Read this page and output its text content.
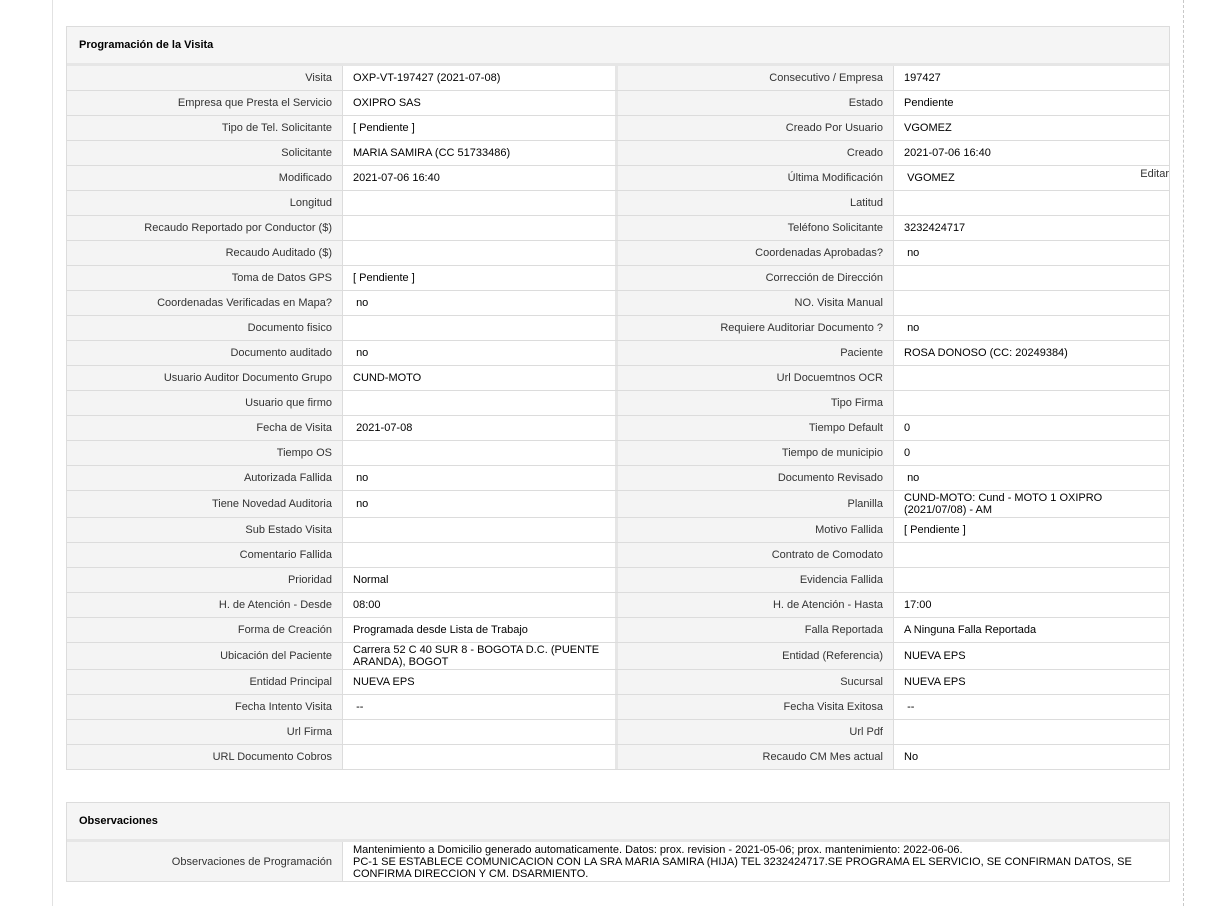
Programación de la Visita
Visita OXP-VT-197427 (2021-07-08)	Consecutivo / Empresa 197427
Empresa que Presta el Servicio OXIPRO SAS	Estado Pendiente
Tipo de Tel. Solicitante [ Pendiente ]	Creado Por Usuario VGOMEZ
Solicitante MARIA SAMIRA (CC 51733486)	Creado 2021-07-06 16:40
Modificado 2021-07-06 16:40	Última Modificación VGOMEZ	Editar
Longitud	Latitud
Recaudo Reportado por Conductor ($)	Teléfono Solicitante 3232424717
Recaudo Auditado ($)	Coordenadas Aprobadas? no
Toma de Datos GPS [ Pendiente ]	Corrección de Dirección
Coordenadas Verificadas en Mapa? no	NO. Visita Manual
Documento fisico	Requiere Auditoriar Documento ? no
Documento auditado no	Paciente ROSA DONOSO (CC: 20249384)
Usuario Auditor Documento Grupo CUND-MOTO	Url Docuemtnos OCR
Usuario que firmo	Tipo Firma
Fecha de Visita 2021-07-08	Tiempo Default 0
Tiempo OS	Tiempo de municipio 0
Autorizada Fallida no	Documento Revisado no
Tiene Novedad Auditoria no	Planilla CUND-MOTO: Cund - MOTO 1 OXIPRO (2021/07/08) - AM
Sub Estado Visita	Motivo Fallida [ Pendiente ]
Comentario Fallida	Contrato de Comodato
Prioridad Normal	Evidencia Fallida
H. de Atención - Desde 08:00	H. de Atención - Hasta 17:00
Forma de Creación Programada desde Lista de Trabajo	Falla Reportada A Ninguna Falla Reportada
Ubicación del Paciente Carrera 52 C 40 SUR 8 - BOGOTA D.C. (PUENTE ARANDA), BOGOT	Entidad (Referencia) NUEVA EPS
Entidad Principal NUEVA EPS	Sucursal NUEVA EPS
Fecha Intento Visita --	Fecha Visita Exitosa --
Url Firma	Url Pdf
URL Documento Cobros	Recaudo CM Mes actual No
Observaciones
Observaciones de Programación
Mantenimiento a Domicilio generado automaticamente. Datos: prox. revision - 2021-05-06; prox. mantenimiento: 2022-06-06.
PC-1 SE ESTABLECE COMUNICACION CON LA SRA MARIA SAMIRA (HIJA) TEL 3232424717.SE PROGRAMA EL SERVICIO, SE CONFIRMAN DATOS, SE CONFIRMA DIRECCION Y CM. DSARMIENTO.
